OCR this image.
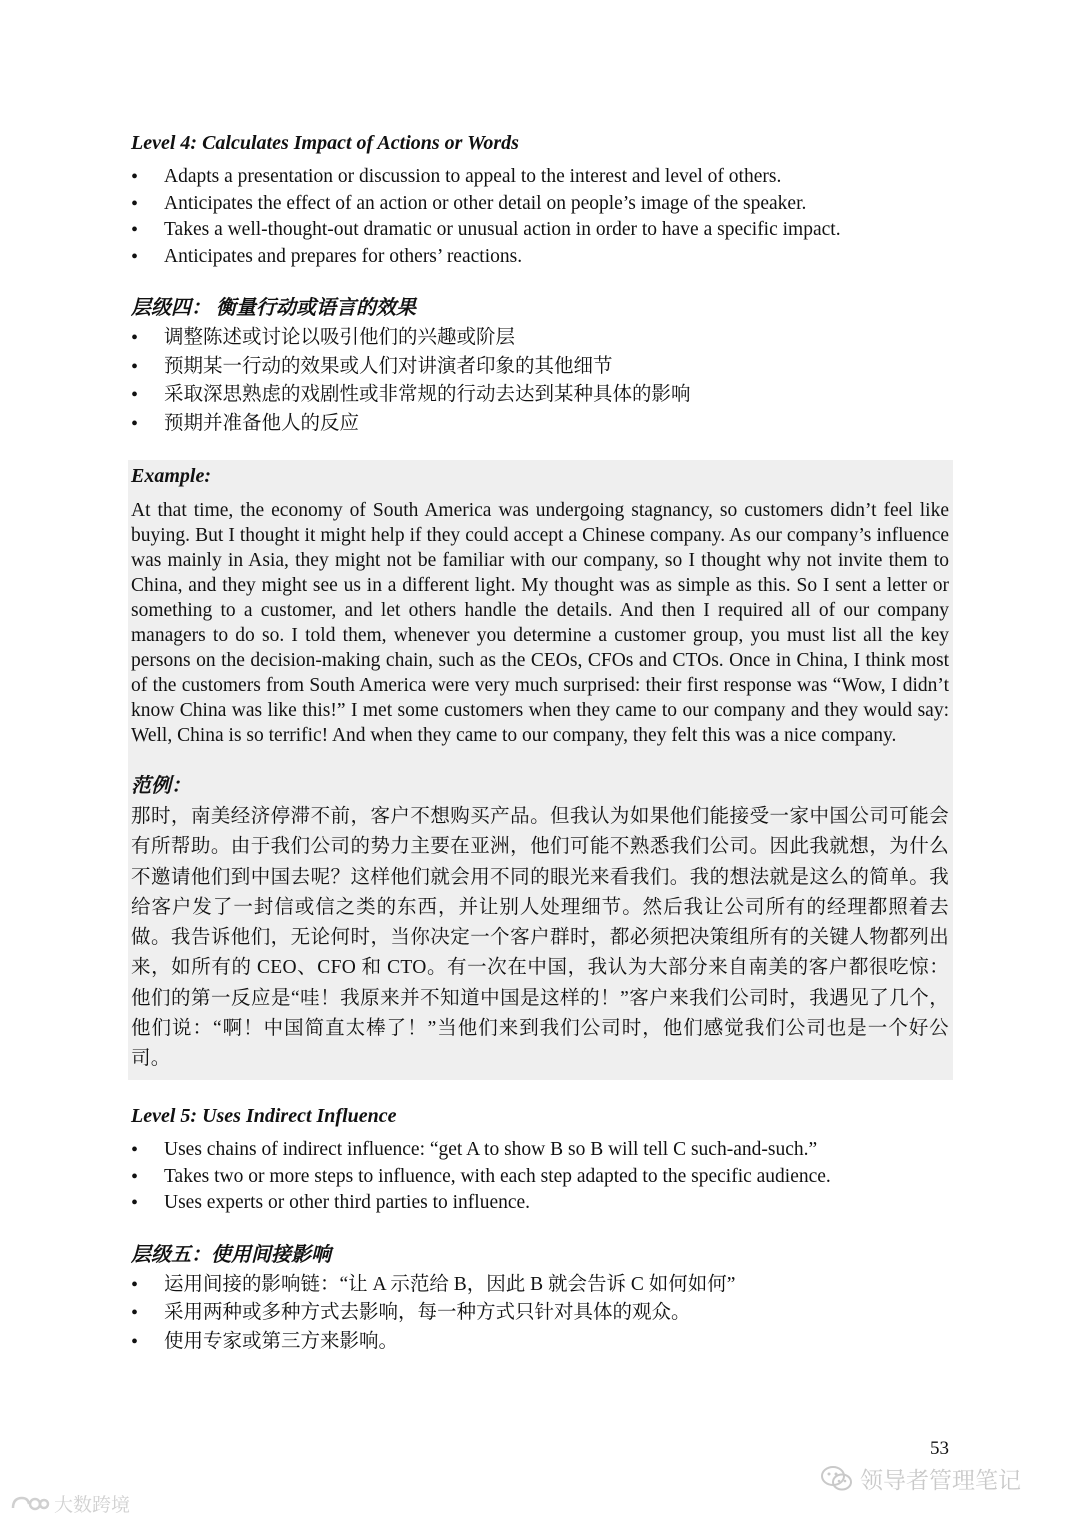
Level 4: Calculates Impact of Actions or Words
• Adapts a presentation or discussion to appeal to the interest and level of others.
• Anticipates the effect of an action or other detail on people’s image of the speaker.
• Takes a well-thought-out dramatic or unusual action in order to have a specific impact.
• Anticipates and prepares for others’ reactions.
层级四： 衡量行动或语言的效果
• 调整陈述或讨论以吸引他们的兴趣或阶层
• 预期某一行动的效果或人们对讲演者印象的其他细节
• 采取深思熟虑的戏剧性或非常规的行动去达到某种具体的影响
• 预期并准备他人的反应
Example:

At that time, the economy of South America was undergoing stagnancy, so customers didn’t feel like buying. But I thought it might help if they could accept a Chinese company. As our company’s influence was mainly in Asia, they might not be familiar with our company, so I thought why not invite them to China, and they might see us in a different light. My thought was as simple as this. So I sent a letter or something to a customer, and let others handle the details. And then I required all of our company managers to do so. I told them, whenever you determine a customer group, you must list all the key persons on the decision-making chain, such as the CEOs, CFOs and CTOs. Once in China, I think most of the customers from South America were very much surprised: their first response was “Wow, I didn’t know China was like this!” I met some customers when they came to our company and they would say: Well, China is so terrific! And when they came to our company, they felt this was a nice company.

范例：

那时，南美经济停滞不前，客户不想购买产品。但我认为如果他们能接受一家中国公司可能会有所帮助。由于我们公司的势力主要在亚洲，他们可能不熟悉我们公司。因此我就想，为什么不邀请他们到中国去呢？这样他们就会用不同的眼光来看我们。我的想法就是这么的简单。我给客户发了一封信或信之类的东西，并让别人处理细节。然后我让公司所有的经理都照着去做。我告诉他们，无论何时，当你决定一个客户群时，都必须把决策组所有的关键人物都列出来，如所有的 CEO、CFO 和 CTO。有一次在中国，我认为大部分来自南美的客户都很吃惊：他们的第一反应是“哇！我原来并不知道中国是这样的！”客户来我们公司时，我遇见了几个，他们说：“啊！中国简直太棒了！”当他们来到我们公司时，他们感觉我们公司也是一个好公司。

Level 5: Uses Indirect Influence
• Uses chains of indirect influence: “get A to show B so B will tell C such-and-such.”
• Takes two or more steps to influence, with each step adapted to the specific audience.
• Uses experts or other third parties to influence.
层级五：使用间接影响
• 运用间接的影响链：“让 A 示范给 B，因此 B 就会告诉 C 如何如何”
• 采用两种或多种方式去影响，每一种方式只针对具体的观众。
• 使用专家或第三方来影响。
53
领导者管理笔记
大数跨境
